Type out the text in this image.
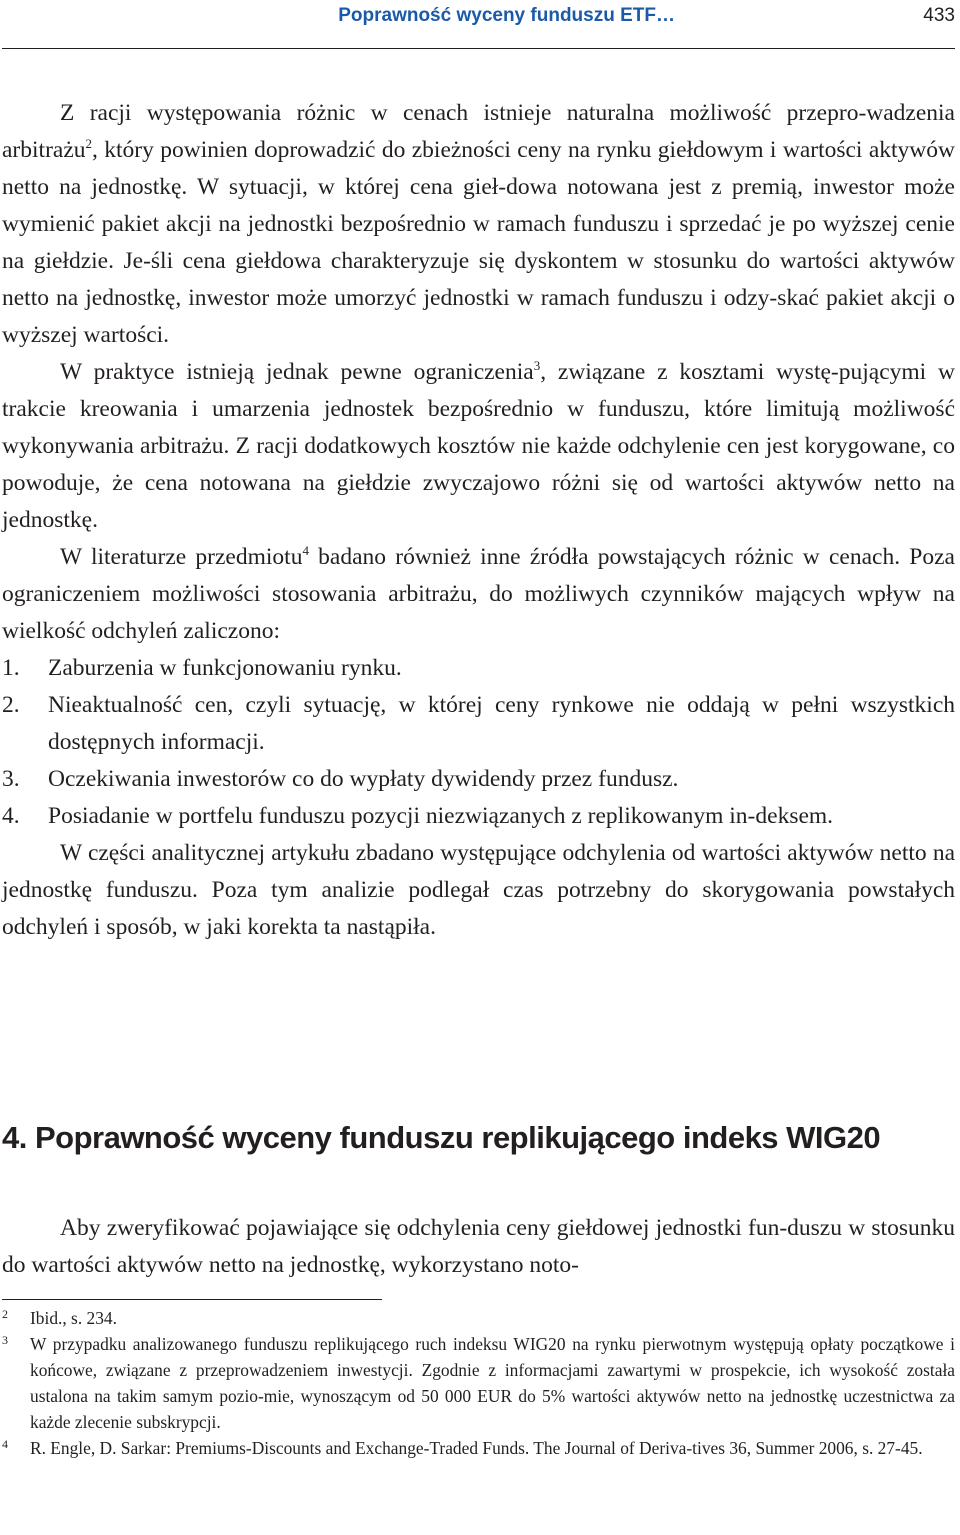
Poprawność wyceny funduszu ETF…	433

Z racji występowania różnic w cenach istnieje naturalna możliwość przepro-wadzenia arbitrażu$^2$, który powinien doprowadzić do zbieżności ceny na rynku giełdowym i wartości aktywów netto na jednostkę. W sytuacji, w której cena gieł-dowa notowana jest z premią, inwestor może wymienić pakiet akcji na jednostki bezpośrednio w ramach funduszu i sprzedać je po wyższej cenie na giełdzie. Je-śli cena giełdowa charakteryzuje się dyskontem w stosunku do wartości aktywów netto na jednostkę, inwestor może umorzyć jednostki w ramach funduszu i odzy-skać pakiet akcji o wyższej wartości.

W praktyce istnieją jednak pewne ograniczenia$^3$, związane z kosztami wystę-pującymi w trakcie kreowania i umarzenia jednostek bezpośrednio w funduszu, które limitują możliwość wykonywania arbitrażu. Z racji dodatkowych kosztów nie każde odchylenie cen jest korygowane, co powoduje, że cena notowana na giełdzie zwyczajowo różni się od wartości aktywów netto na jednostkę.

W literaturze przedmiotu$^4$ badano również inne źródła powstających różnic w cenach. Poza ograniczeniem możliwości stosowania arbitrażu, do możliwych czynników mających wpływ na wielkość odchyleń zaliczono:

1. Zaburzenia w funkcjonowaniu rynku.
2. Nieaktualność cen, czyli sytuację, w której ceny rynkowe nie oddają w pełni wszystkich dostępnych informacji.
3. Oczekiwania inwestorów co do wypłaty dywidendy przez fundusz.
4. Posiadanie w portfelu funduszu pozycji niezwiązanych z replikowanym in-deksem.

W części analitycznej artykułu zbadano występujące odchylenia od wartości aktywów netto na jednostkę funduszu. Poza tym analizie podlegał czas potrzebny do skorygowania powstałych odchyleń i sposób, w jaki korekta ta nastąpiła.

4. Poprawność wyceny funduszu replikującego indeks WIG20

Aby zweryfikować pojawiające się odchylenia ceny giełdowej jednostki fun-duszu w stosunku do wartości aktywów netto na jednostkę, wykorzystano noto-

2 Ibid., s. 234.
3 W przypadku analizowanego funduszu replikującego ruch indeksu WIG20 na rynku pierwotnym występują opłaty początkowe i końcowe, związane z przeprowadzeniem inwestycji. Zgodnie z informacjami zawartymi w prospekcie, ich wysokość została ustalona na takim samym pozio-mie, wynoszącym od 50 000 EUR do 5% wartości aktywów netto na jednostkę uczestnictwa za każde zlecenie subskrypcji.
4 R. Engle, D. Sarkar: Premiums-Discounts and Exchange-Traded Funds. The Journal of Deriva-tives 36, Summer 2006, s. 27-45.
